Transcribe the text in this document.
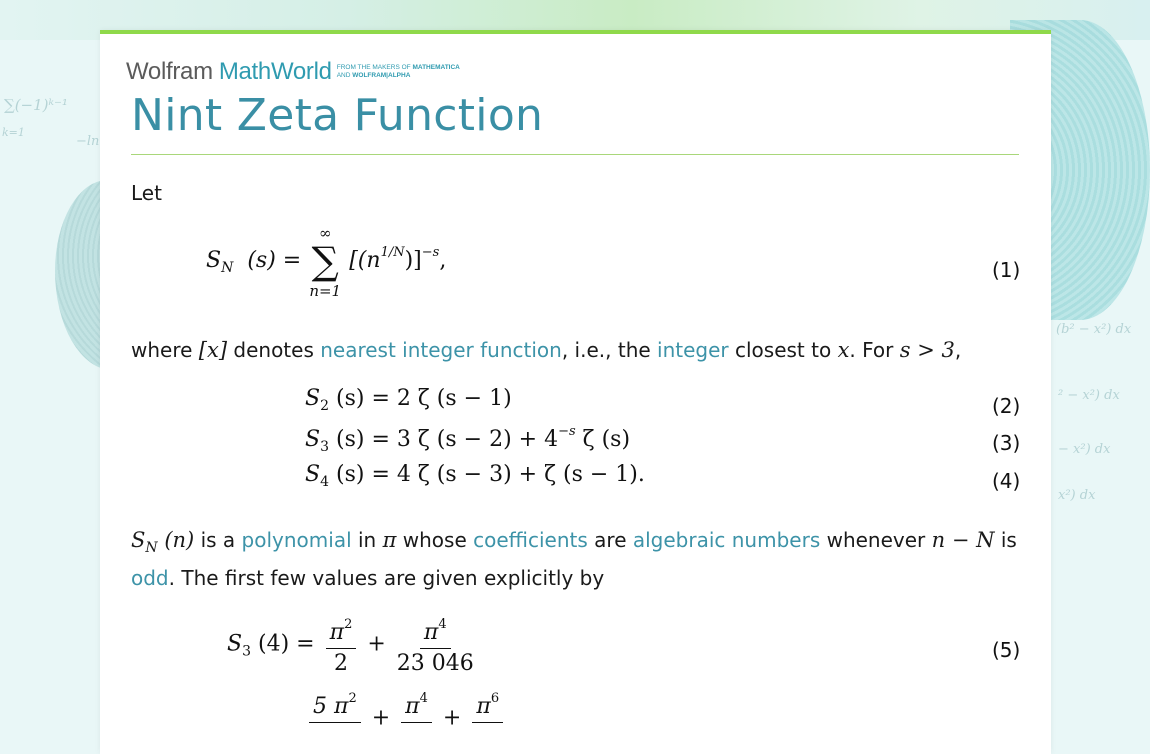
∑(−1)ᵏ⁻¹
k=1
−ln
(b² − x²) dx
² − x²) dx
− x²) dx
x²) dx
Wolfram MathWorld FROM THE MAKERS OF MATHEMATICA
AND WOLFRAM|ALPHA
Nint Zeta Function
Let
$S_N$ (s) =
∞
∑
n=1
$[(n^{1/N})]^{-s}$,	(1)
where [x] denotes nearest integer function, i.e., the integer closest to x. For s > 3,
$S_2$ (s) = 2 ζ (s − 1)	(2)
$S_3$ (s) = 3 ζ $(s - 2) + 4^{-s}$ ζ (s)	(3)
$S_4$ (s) = 4 ζ (s − 3) + ζ (s − 1).	(4)
$S_N$ (n) is a polynomial in π whose coefficients are algebraic numbers whenever n − N is
odd. The first few values are given explicitly by
$S_3$ $(4) = \frac{\pi^2}{2} + \frac{\pi^4}{23 046}$	(5)
5 $\pi^2$

+ $\pi^4$

+ $\pi^6$
